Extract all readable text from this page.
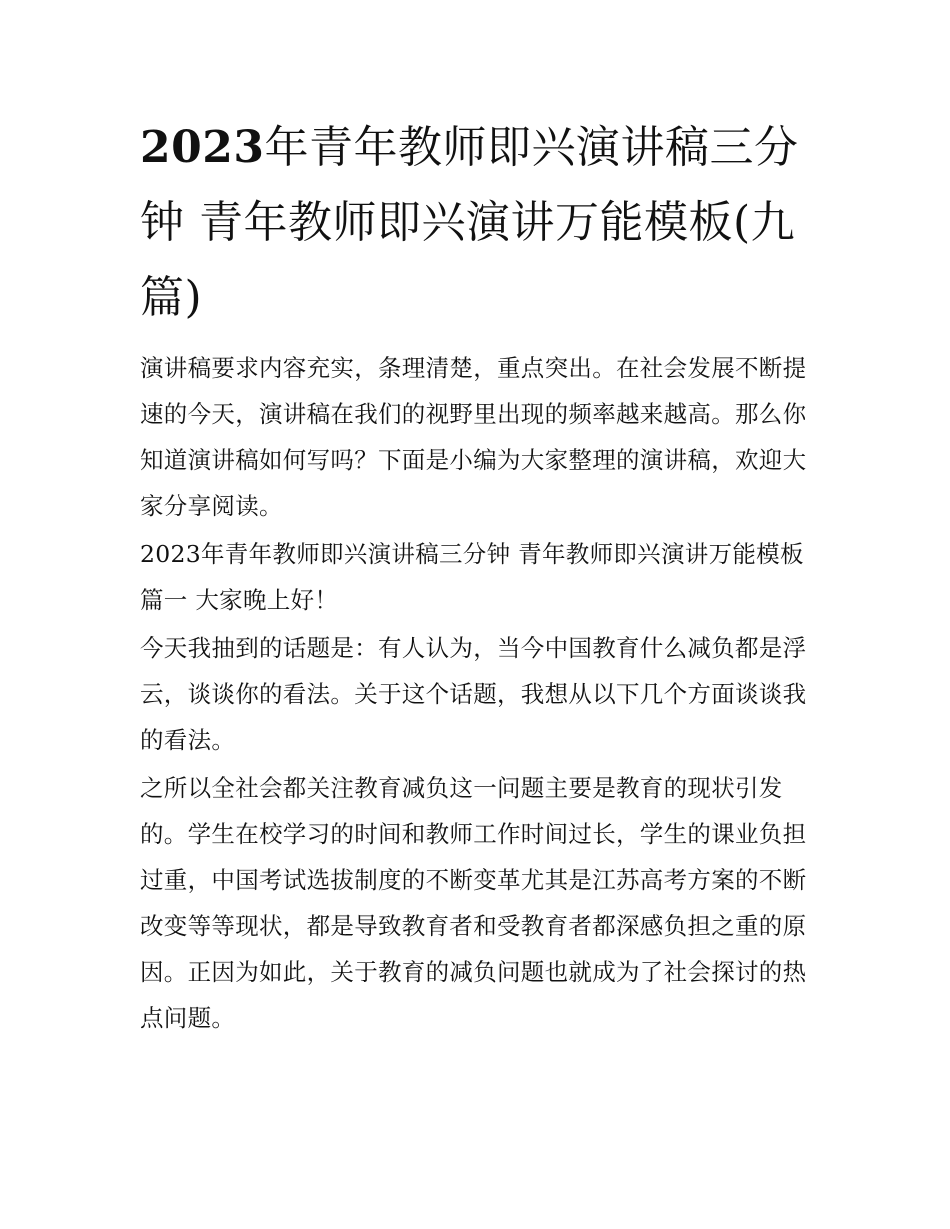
2023年青年教师即兴演讲稿三分钟 青年教师即兴演讲万能模板(九篇)

演讲稿要求内容充实，条理清楚，重点突出。在社会发展不断提速的今天，演讲稿在我们的视野里出现的频率越来越高。那么你知道演讲稿如何写吗？下面是小编为大家整理的演讲稿，欢迎大家分享阅读。

2023年青年教师即兴演讲稿三分钟 青年教师即兴演讲万能模板篇一 大家晚上好！

今天我抽到的话题是：有人认为，当今中国教育什么减负都是浮云，谈谈你的看法。关于这个话题，我想从以下几个方面谈谈我的看法。

之所以全社会都关注教育减负这一问题主要是教育的现状引发的。学生在校学习的时间和教师工作时间过长，学生的课业负担过重，中国考试选拔制度的不断变革尤其是江苏高考方案的不断改变等等现状，都是导致教育者和受教育者都深感负担之重的原因。正因为如此，关于教育的减负问题也就成为了社会探讨的热点问题。
